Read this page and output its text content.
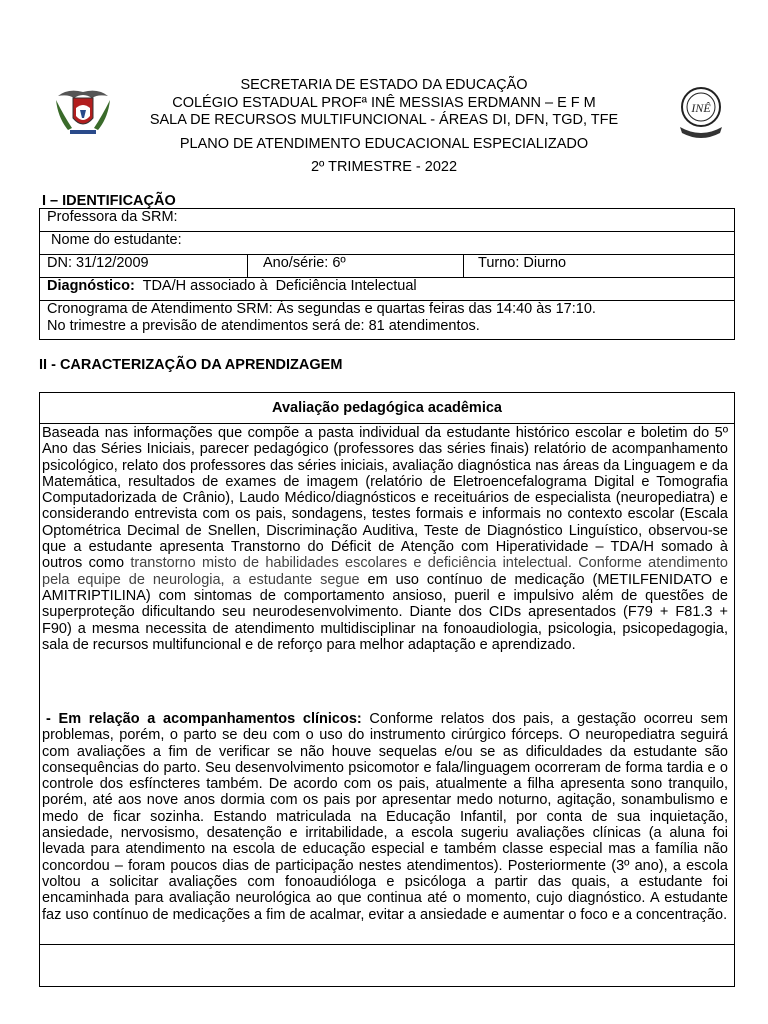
INÊ
SECRETARIA DE ESTADO DA EDUCAÇÃO
COLÉGIO ESTADUAL PROFª INÊ MESSIAS ERDMANN – E F M
SALA DE RECURSOS MULTIFUNCIONAL - ÁREAS DI, DFN, TGD, TFE
PLANO DE ATENDIMENTO EDUCACIONAL ESPECIALIZADO
2º TRIMESTRE - 2022
I – IDENTIFICAÇÃO
Professora da SRM:
Nome do estudante:
DN: 31/12/2009	Ano/série: 6º	Turno: Diurno
Diagnóstico:  TDA/H associado à  Deficiência Intelectual

Cronograma de Atendimento SRM: Ás segundas e quartas feiras das 14:40 às 17:10.
No trimestre a previsão de atendimentos será de: 81 atendimentos.
II - CARACTERIZAÇÃO DA APRENDIZAGEM
Avaliação pedagógica acadêmica
Baseada nas informações que compõe a pasta individual da estudante histórico escolar e boletim do 5º Ano das Séries Iniciais, parecer pedagógico (professores das séries finais) relatório de acompanhamento psicológico, relato dos professores das séries iniciais, avaliação diagnóstica nas áreas da Linguagem e da Matemática, resultados de exames de imagem (relatório de Eletroencefalograma Digital e Tomografia Computadorizada de Crânio), Laudo Médico/diagnósticos e receituários de especialista (neuropediatra) e considerando entrevista com os pais, sondagens, testes formais e informais no contexto escolar (Escala Optométrica Decimal de Snellen, Discriminação Auditiva, Teste de Diagnóstico Linguístico, observou-se que a estudante apresenta Transtorno do Déficit de Atenção com Hiperatividade – TDA/H somado à outros como transtorno misto de habilidades escolares e deficiência intelectual. Conforme atendimento pela equipe de neurologia, a estudante segue em uso contínuo de medicação (METILFENIDATO e AMITRIPTILINA) com sintomas de comportamento ansioso, pueril e impulsivo além de questões de superproteção dificultando seu neurodesenvolvimento. Diante dos CIDs apresentados (F79 + F81.3 + F90) a mesma necessita de atendimento multidisciplinar na fonoaudiologia, psicologia, psicopedagogia, sala de recursos multifuncional e de reforço para melhor adaptação e aprendizado.
- Em relação a acompanhamentos clínicos: Conforme relatos dos pais, a gestação ocorreu sem problemas, porém, o parto se deu com o uso do instrumento cirúrgico fórceps. O neuropediatra seguirá com avaliações a fim de verificar se não houve sequelas e/ou se as dificuldades da estudante são consequências do parto. Seu desenvolvimento psicomotor e fala/linguagem ocorreram de forma tardia e o controle dos esfíncteres também. De acordo com os pais, atualmente a filha apresenta sono tranquilo, porém, até aos nove anos dormia com os pais por apresentar medo noturno, agitação, sonambulismo e medo de ficar sozinha. Estando matriculada na Educação Infantil, por conta de sua inquietação, ansiedade, nervosismo, desatenção e irritabilidade, a escola sugeriu avaliações clínicas (a aluna foi levada para atendimento na escola de educação especial e também classe especial mas a família não concordou – foram poucos dias de participação nestes atendimentos). Posteriormente (3º ano), a escola voltou a solicitar avaliações com fonoaudióloga e psicóloga a partir das quais, a estudante foi encaminhada para avaliação neurológica ao que continua até o momento, cujo diagnóstico. A estudante faz uso contínuo de medicações a fim de acalmar, evitar a ansiedade e aumentar o foco e a concentração.
